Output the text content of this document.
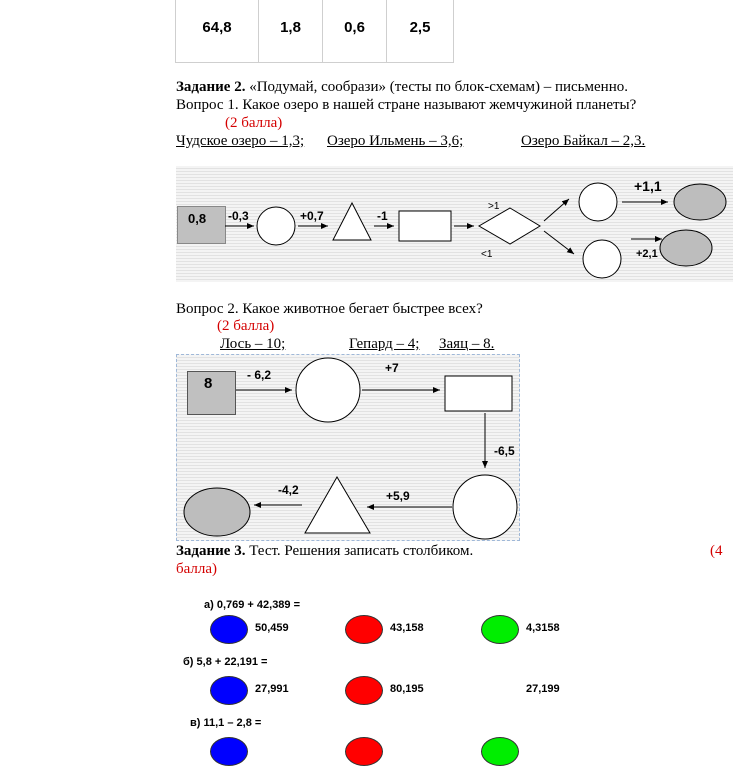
64,8	1,8	0,6	2,5
Задание 2. «Подумай, сообрази» (тесты по блок-схемам) – письменно.
Вопрос 1. Какое озеро в нашей стране называют жемчужиной планеты?
(2 балла)
Чудское озеро – 1,3;	Озеро Ильмень – 3,6;	Озеро Байкал – 2,3.
0,8 -0,3	+0,7	-1
>1
<1
+1,1
+2,1
Вопрос 2. Какое животное бегает быстрее всех?
(2 балла)
Лось – 10;	Гепард – 4;	Заяц – 8.
8	- 6,2	+7
-6,5
+5,9
-4,2
Задание 3. Тест. Решения записать столбиком.	(4
балла)
а) 0,769 + 42,389 =
50,459	43,158	4,3158
б) 5,8 + 22,191 =
27,991	80,195	27,199
в) 11,1 – 2,8 =
